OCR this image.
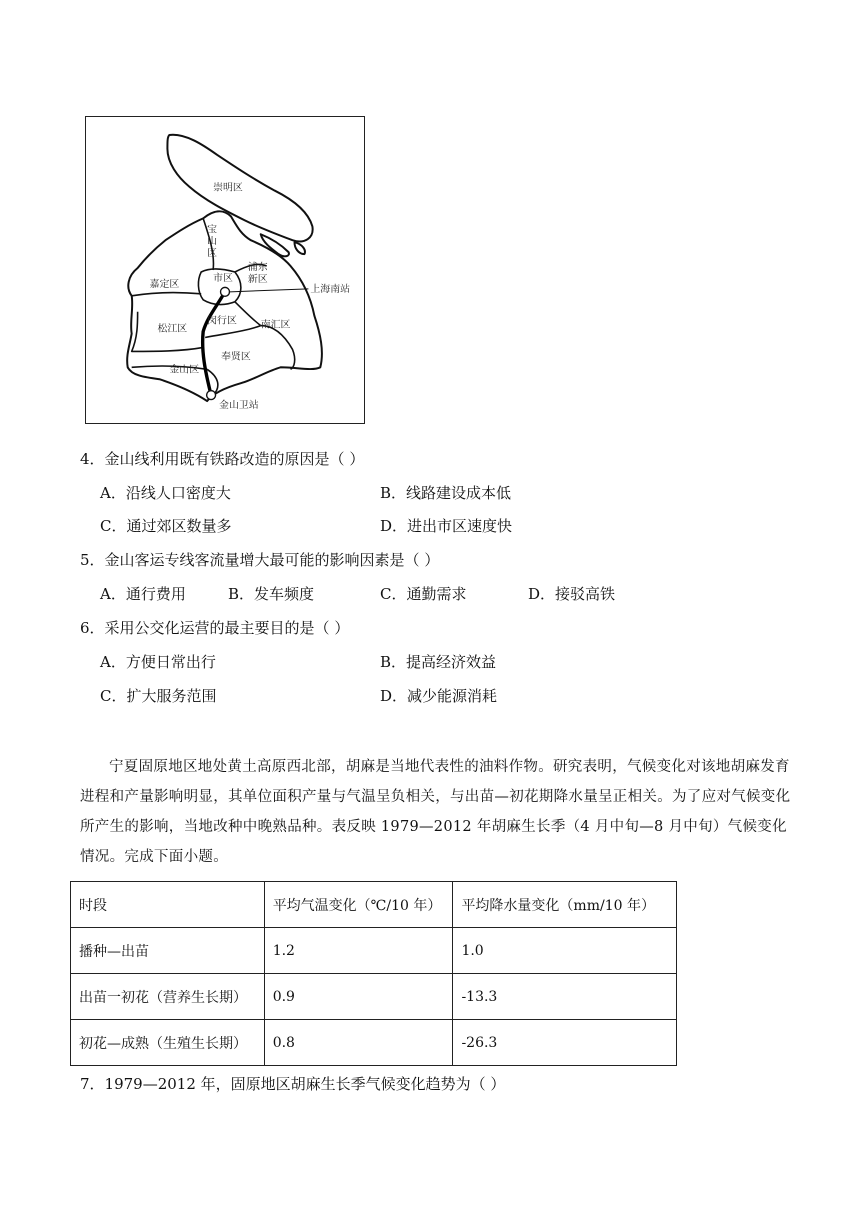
崇明区
宝
山
区
嘉定区
市区
浦东
新区
上海南站
松江区
闵行区 南汇区
奉贤区
金山区
金山卫站
4．金山线利用既有铁路改造的原因是（ ）
A．沿线人口密度大	B．线路建设成本低
C．通过郊区数量多	D．进出市区速度快
5．金山客运专线客流量增大最可能的影响因素是（ ）
A．通行费用	B．发车频度	C．通勤需求	D．接驳高铁
6．采用公交化运营的最主要目的是（ ）
A．方便日常出行	B．提高经济效益
C．扩大服务范围	D．减少能源消耗
宁夏固原地区地处黄土高原西北部，胡麻是当地代表性的油料作物。研究表明，气候变化对该地胡麻发育进程和产量影响明显，其单位面积产量与气温呈负相关，与出苗—初花期降水量呈正相关。为了应对气候变化所产生的影响，当地改种中晚熟品种。表反映 1979—2012 年胡麻生长季（4 月中旬—8 月中旬）气候变化情况。完成下面小题。
时段	平均气温变化（℃/10 年）	平均降水量变化（mm/10 年）
播种—出苗	1.2	1.0
出苗一初花（营养生长期）	0.9	-13.3
初花—成熟（生殖生长期）	0.8	-26.3
7．1979—2012 年，固原地区胡麻生长季气候变化趋势为（ ）
